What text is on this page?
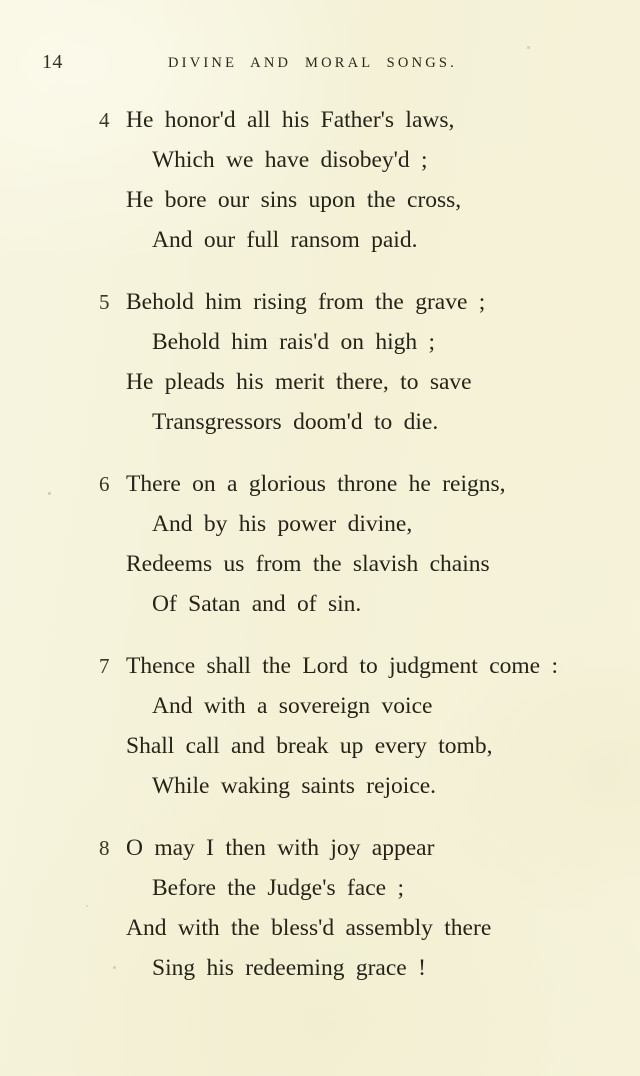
14	DIVINE AND MORAL SONGS.
4 He honor'd all his Father's laws,
Which we have disobey'd ;
He bore our sins upon the cross,
And our full ransom paid.
5 Behold him rising from the grave ;
Behold him rais'd on high ;
He pleads his merit there, to save
Transgressors doom'd to die.
6 There on a glorious throne he reigns,
And by his power divine,
Redeems us from the slavish chains
Of Satan and of sin.
7 Thence shall the Lord to judgment come :
And with a sovereign voice
Shall call and break up every tomb,
While waking saints rejoice.
8 O may I then with joy appear
Before the Judge's face ;
And with the bless'd assembly there
Sing his redeeming grace !
